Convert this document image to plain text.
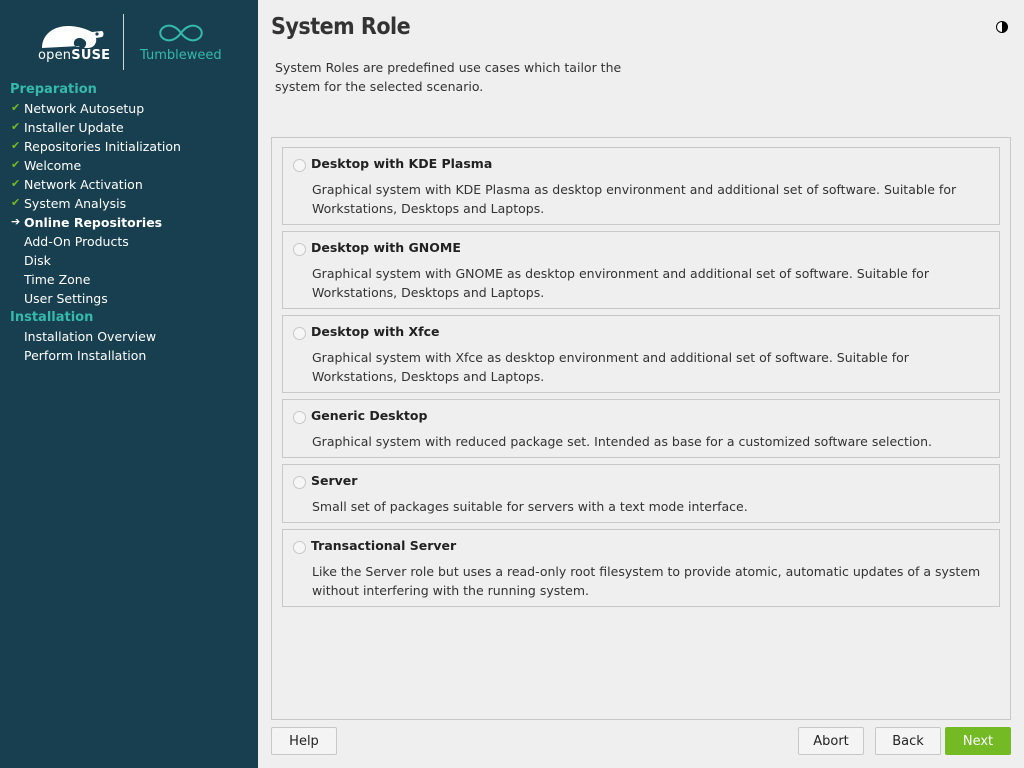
openSUSE Tumbleweed
Preparation
✔ Network Autosetup
✔ Installer Update
✔ Repositories Initialization
✔ Welcome
✔ Network Activation
✔ System Analysis
➔ Online Repositories
Add-On Products
Disk
Time Zone
User Settings
Installation
Installation Overview
Perform Installation
System Role
System Roles are predefined use cases which tailor the system for the selected scenario.
Desktop with KDE Plasma
Graphical system with KDE Plasma as desktop environment and additional set of software. Suitable for Workstations, Desktops and Laptops.
Desktop with GNOME
Graphical system with GNOME as desktop environment and additional set of software. Suitable for Workstations, Desktops and Laptops.
Desktop with Xfce
Graphical system with Xfce as desktop environment and additional set of software. Suitable for Workstations, Desktops and Laptops.
Generic Desktop
Graphical system with reduced package set. Intended as base for a customized software selection.
Server
Small set of packages suitable for servers with a text mode interface.
Transactional Server
Like the Server role but uses a read-only root filesystem to provide atomic, automatic updates of a system without interfering with the running system.
Help	Abort	Back	Next
